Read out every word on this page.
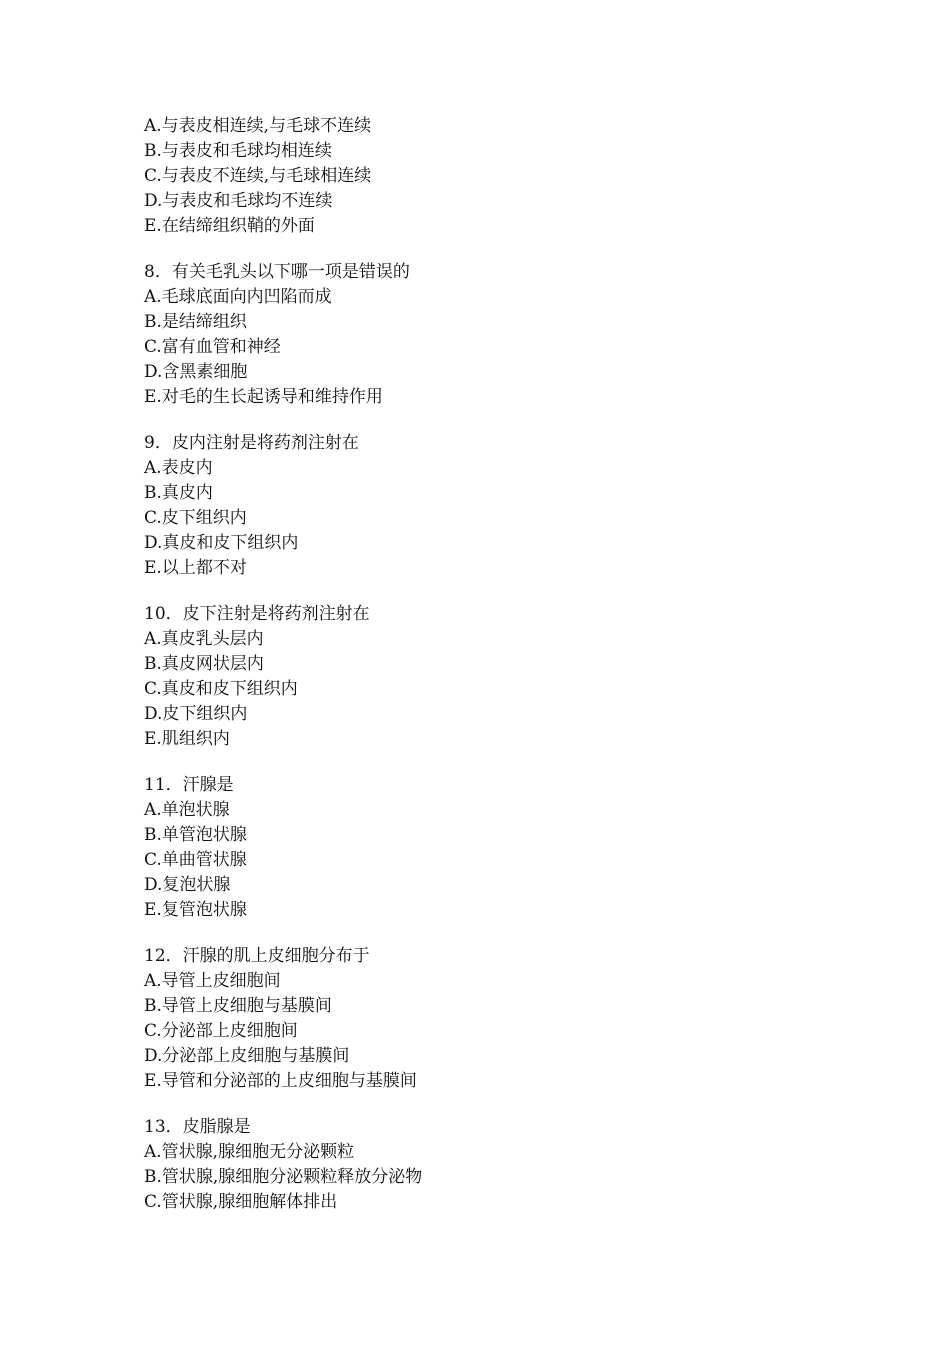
A.与表皮相连续,与毛球不连续
B.与表皮和毛球均相连续
C.与表皮不连续,与毛球相连续
D.与表皮和毛球均不连续
E.在结缔组织鞘的外面
8．有关毛乳头以下哪一项是错误的
A.毛球底面向内凹陷而成
B.是结缔组织
C.富有血管和神经
D.含黑素细胞
E.对毛的生长起诱导和维持作用
9．皮内注射是将药剂注射在
A.表皮内
B.真皮内
C.皮下组织内
D.真皮和皮下组织内
E.以上都不对
10．皮下注射是将药剂注射在
A.真皮乳头层内
B.真皮网状层内
C.真皮和皮下组织内
D.皮下组织内
E.肌组织内
11．汗腺是
A.单泡状腺
B.单管泡状腺
C.单曲管状腺
D.复泡状腺
E.复管泡状腺
12．汗腺的肌上皮细胞分布于
A.导管上皮细胞间
B.导管上皮细胞与基膜间
C.分泌部上皮细胞间
D.分泌部上皮细胞与基膜间
E.导管和分泌部的上皮细胞与基膜间
13．皮脂腺是
A.管状腺,腺细胞无分泌颗粒
B.管状腺,腺细胞分泌颗粒释放分泌物
C.管状腺,腺细胞解体排出
